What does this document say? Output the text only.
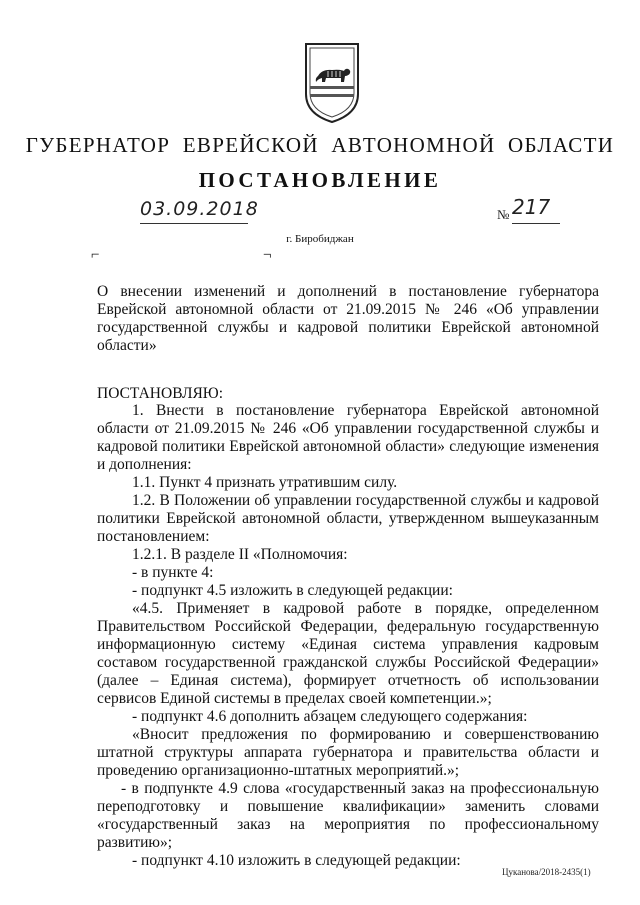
ГУБЕРНАТОР ЕВРЕЙСКОЙ АВТОНОМНОЙ ОБЛАСТИ
ПОСТАНОВЛЕНИЕ
03.09.2018	№ 217
г. Биробиджан
⌐	¬
О внесении изменений и дополнений в постановление губернатора Еврейской автономной области от 21.09.2015 № 246 «Об управлении государственной службы и кадровой политики Еврейской автономной области»
ПОСТАНОВЛЯЮ:

1. Внести в постановление губернатора Еврейской автономной области от 21.09.2015 № 246 «Об управлении государственной службы и кадровой политики Еврейской автономной области» следующие изменения и дополнения:

1.1. Пункт 4 признать утратившим силу.

1.2. В Положении об управлении государственной службы и кадровой политики Еврейской автономной области, утвержденном вышеуказанным постановлением:

1.2.1. В разделе II «Полномочия:

- в пункте 4:

- подпункт 4.5 изложить в следующей редакции:

«4.5. Применяет в кадровой работе в порядке, определенном Правительством Российской Федерации, федеральную государственную информационную систему «Единая система управления кадровым составом государственной гражданской службы Российской Федерации» (далее – Единая система), формирует отчетность об использовании сервисов Единой системы в пределах своей компетенции.»;

- подпункт 4.6 дополнить абзацем следующего содержания:

«Вносит предложения по формированию и совершенствованию штатной структуры аппарата губернатора и правительства области и проведению организационно-штатных мероприятий.»;

- в подпункте 4.9 слова «государственный заказ на профессиональную переподготовку и повышение квалификации» заменить словами «государственный заказ на мероприятия по профессиональному развитию»;

- подпункт 4.10 изложить в следующей редакции:

Цуканова/2018-2435(1)
